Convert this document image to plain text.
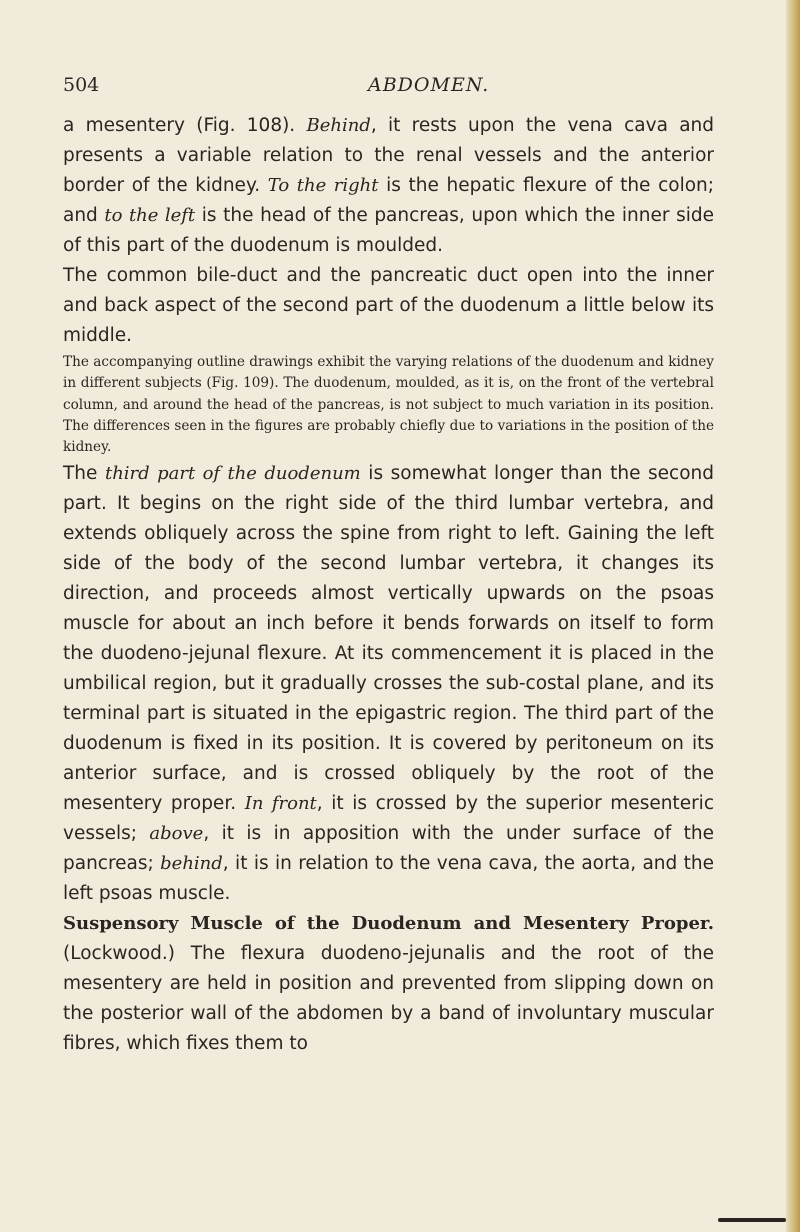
504	ABDOMEN.

a mesentery (Fig. 108). Behind, it rests upon the vena cava and presents a variable relation to the renal vessels and the anterior border of the kidney. To the right is the hepatic flexure of the colon; and to the left is the head of the pancreas, upon which the inner side of this part of the duodenum is moulded.

The common bile-duct and the pancreatic duct open into the inner and back aspect of the second part of the duodenum a little below its middle.

The accompanying outline drawings exhibit the varying relations of the duodenum and kidney in different subjects (Fig. 109). The duodenum, moulded, as it is, on the front of the vertebral column, and around the head of the pancreas, is not subject to much variation in its position. The differences seen in the figures are probably chiefly due to variations in the position of the kidney.

The third part of the duodenum is somewhat longer than the second part. It begins on the right side of the third lumbar vertebra, and extends obliquely across the spine from right to left. Gaining the left side of the body of the second lumbar vertebra, it changes its direction, and proceeds almost vertically upwards on the psoas muscle for about an inch before it bends forwards on itself to form the duodeno-jejunal flexure. At its commencement it is placed in the umbilical region, but it gradually crosses the sub-costal plane, and its terminal part is situated in the epigastric region. The third part of the duodenum is fixed in its position. It is covered by peritoneum on its anterior surface, and is crossed obliquely by the root of the mesentery proper. In front, it is crossed by the superior mesenteric vessels; above, it is in apposition with the under surface of the pancreas; behind, it is in relation to the vena cava, the aorta, and the left psoas muscle.

Suspensory Muscle of the Duodenum and Mesentery Proper. (Lockwood.) The flexura duodeno-jejunalis and the root of the mesentery are held in position and prevented from slipping down on the posterior wall of the abdomen by a band of involuntary muscular fibres, which fixes them to
